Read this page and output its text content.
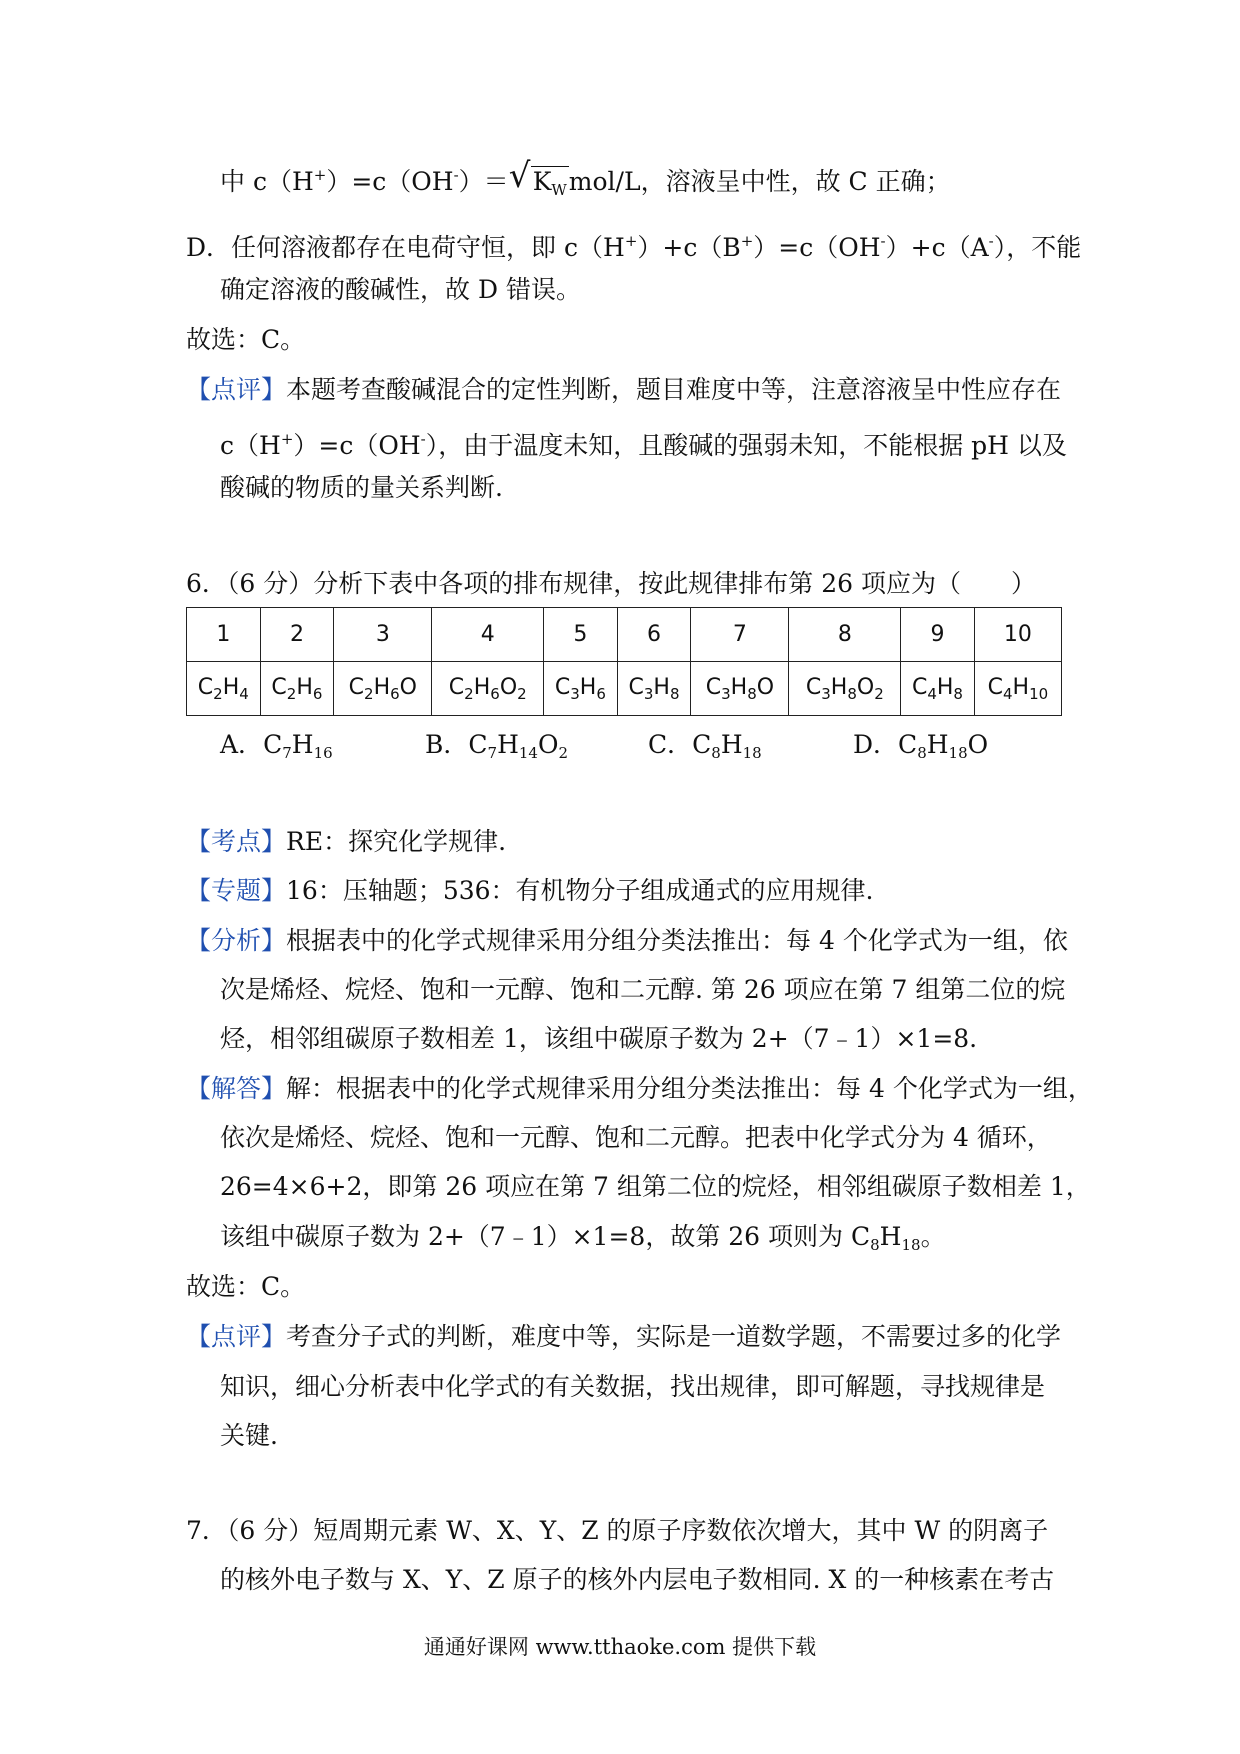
中 c（H+）=c（OH-）＝ √ $K_Wmol/L$，溶液呈中性，故 C 正确；
D．任何溶液都存在电荷守恒，即 c（H+）+c（B+）=c（OH-）+c（A-），不能
确定溶液的酸碱性，故 D 错误。
故选：C。
【点评】本题考查酸碱混合的定性判断，题目难度中等，注意溶液呈中性应存在
c（H+）=c（OH-），由于温度未知，且酸碱的强弱未知，不能根据 pH 以及
酸碱的物质的量关系判断.
6．（6 分）分析下表中各项的排布规律，按此规律排布第 26 项应为（　　）
1	2	3	4	5	6	7	8	9	10
$C_2H_4$	$C_2H_6$	$C_2H_6O$	$C_2H_6O_2$	$C_3H_6$	$C_3H_8$	$C_3H_8O$	$C_3H_8O_2$	$C_4H_8$	$C_4H_{10}$
A．$C_7H_{16}$	B．$C_7H_{14}O_2$	C．$C_8H_{18}$	D．$C_8H_{18}O$
【考点】RE：探究化学规律.
【专题】16：压轴题；536：有机物分子组成通式的应用规律.
【分析】根据表中的化学式规律采用分组分类法推出：每 4 个化学式为一组，依
次是烯烃、烷烃、饱和一元醇、饱和二元醇. 第 26 项应在第 7 组第二位的烷
烃，相邻组碳原子数相差 1，该组中碳原子数为 2+（7﹣1）×1=8.
【解答】解：根据表中的化学式规律采用分组分类法推出：每 4 个化学式为一组，
依次是烯烃、烷烃、饱和一元醇、饱和二元醇。把表中化学式分为 4 循环，
26=4×6+2，即第 26 项应在第 7 组第二位的烷烃，相邻组碳原子数相差 1，
该组中碳原子数为 2+（7﹣1）×1=8，故第 26 项则为 $C_8H_{18}$。
故选：C。
【点评】考查分子式的判断，难度中等，实际是一道数学题，不需要过多的化学
知识，细心分析表中化学式的有关数据，找出规律，即可解题，寻找规律是
关键.
7．（6 分）短周期元素 W、X、Y、Z 的原子序数依次增大，其中 W 的阴离子
的核外电子数与 X、Y、Z 原子的核外内层电子数相同. X 的一种核素在考古
通通好课网 www.tthaoke.com 提供下载
